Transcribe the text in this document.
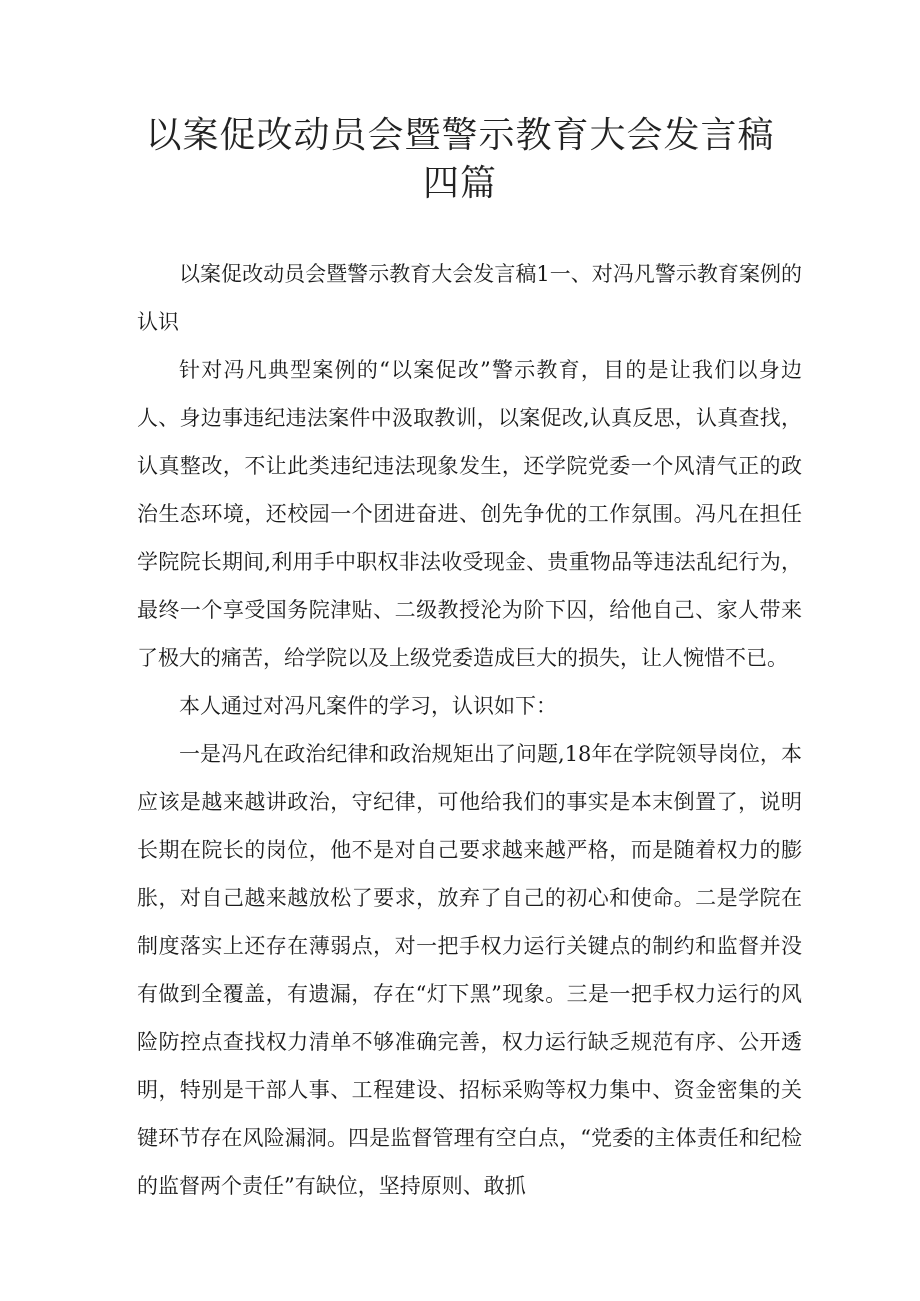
以案促改动员会暨警示教育大会发言稿四篇

以案促改动员会暨警示教育大会发言稿1一、对冯凡警示教育案例的认识

针对冯凡典型案例的“以案促改”警示教育，目的是让我们以身边人、身边事违纪违法案件中汲取教训，以案促改,认真反思，认真查找，认真整改，不让此类违纪违法现象发生，还学院党委一个风清气正的政治生态环境，还校园一个团进奋进、创先争优的工作氛围。冯凡在担任学院院长期间,利用手中职权非法收受现金、贵重物品等违法乱纪行为，最终一个享受国务院津贴、二级教授沦为阶下囚，给他自己、家人带来了极大的痛苦，给学院以及上级党委造成巨大的损失，让人惋惜不已。

本人通过对冯凡案件的学习，认识如下：

一是冯凡在政治纪律和政治规矩出了问题,18年在学院领导岗位，本应该是越来越讲政治，守纪律，可他给我们的事实是本末倒置了，说明长期在院长的岗位，他不是对自己要求越来越严格，而是随着权力的膨胀，对自己越来越放松了要求，放弃了自己的初心和使命。二是学院在制度落实上还存在薄弱点，对一把手权力运行关键点的制约和监督并没有做到全覆盖，有遗漏，存在“灯下黑”现象。三是一把手权力运行的风险防控点查找权力清单不够准确完善，权力运行缺乏规范有序、公开透明，特别是干部人事、工程建设、招标采购等权力集中、资金密集的关键环节存在风险漏洞。四是监督管理有空白点，“党委的主体责任和纪检的监督两个责任”有缺位，坚持原则、敢抓
